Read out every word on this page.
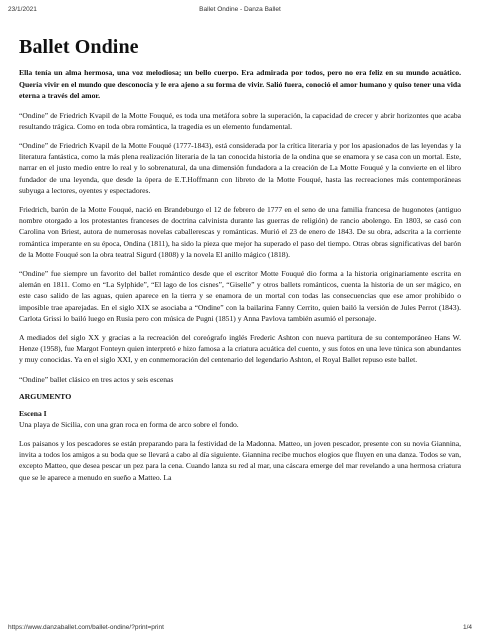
23/1/2021	Ballet Ondine - Danza Ballet
Ballet Ondine

Ella tenía un alma hermosa, una voz melodiosa; un bello cuerpo. Era admirada por todos, pero no era feliz en su mundo acuático. Quería vivir en el mundo que desconocía y le era ajeno a su forma de vivir. Salió fuera, conoció el amor humano y quiso tener una vida eterna a través del amor.

“Ondine” de Friedrich Kvapil de la Motte Fouqué, es toda una metáfora sobre la superación, la capacidad de crecer y abrir horizontes que acaba resultando trágica. Como en toda obra romántica, la tragedia es un elemento fundamental.

“Ondine” de Friedrich Kvapil de la Motte Fouqué (1777-1843), está considerada por la crítica literaria y por los apasionados de las leyendas y la literatura fantástica, como la más plena realización literaria de la tan conocida historia de la ondina que se enamora y se casa con un mortal. Este, narrar en el justo medio entre lo real y lo sobrenatural, da una dimensión fundadora a la creación de La Motte Fouqué y la convierte en el libro fundador de una leyenda, que desde la ópera de E.T.Hoffmann con libreto de la Motte Fouqué, hasta las recreaciones más contemporáneas subyuga a lectores, oyentes y espectadores.

Friedrich, barón de la Motte Fouqué, nació en Brandeburgo el 12 de febrero de 1777 en el seno de una familia francesa de hugonotes (antiguo nombre otorgado a los protestantes franceses de doctrina calvinista durante las guerras de religión) de rancio abolengo. En 1803, se casó con Carolina von Briest, autora de numerosas novelas caballerescas y románticas. Murió el 23 de enero de 1843. De su obra, adscrita a la corriente romántica imperante en su época, Ondina (1811), ha sido la pieza que mejor ha superado el paso del tiempo. Otras obras significativas del barón de la Motte Fouqué son la obra teatral Sigurd (1808) y la novela El anillo mágico (1818).

“Ondine” fue siempre un favorito del ballet romántico desde que el escritor Motte Fouqué dio forma a la historia originariamente escrita en alemán en 1811. Como en “La Sylphide”, “El lago de los cisnes”, “Giselle” y otros ballets románticos, cuenta la historia de un ser mágico, en este caso salido de las aguas, quien aparece en la tierra y se enamora de un mortal con todas las consecuencias que ese amor prohibido o imposible trae aparejadas. En el siglo XIX se asociaba a “Ondine” con la bailarina Fanny Cerrito, quien bailó la versión de Jules Perrot (1843). Carlota Grissi lo bailó luego en Rusia pero con música de Pugni (1851) y Anna Pavlova también asumió el personaje.

A mediados del siglo XX y gracias a la recreación del coreógrafo inglés Frederic Ashton con nueva partitura de su contemporáneo Hans W. Henze (1958), fue Margot Fonteyn quien interpretó e hizo famosa a la criatura acuática del cuento, y sus fotos en una leve túnica son abundantes y muy conocidas. Ya en el siglo XXI, y en conmemoración del centenario del legendario Ashton, el Royal Ballet repuso este ballet.

“Ondine” ballet clásico en tres actos y seis escenas

ARGUMENTO
Escena I

Una playa de Sicilia, con una gran roca en forma de arco sobre el fondo.

Los paisanos y los pescadores se están preparando para la festividad de la Madonna. Matteo, un joven pescador, presente con su novia Giannina, invita a todos los amigos a su boda que se llevará a cabo al día siguiente. Giannina recibe muchos elogios que fluyen en una danza. Todos se van, excepto Matteo, que desea pescar un pez para la cena. Cuando lanza su red al mar, una cáscara emerge del mar revelando a una hermosa criatura que se le aparece a menudo en sueño a Matteo. La

https://www.danzaballet.com/ballet-ondine/?print=print	1/4
